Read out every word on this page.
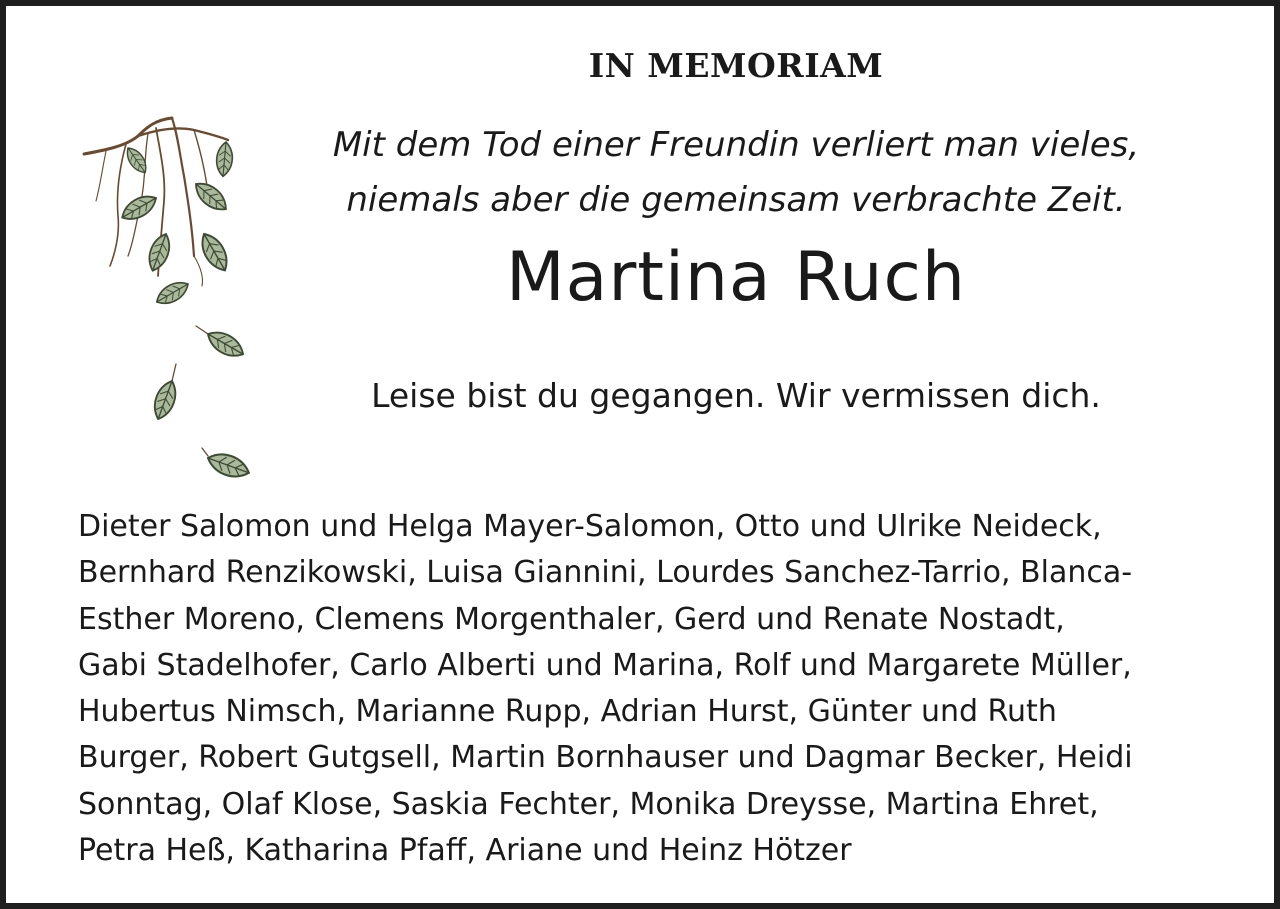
IN MEMORIAM
Mit dem Tod einer Freundin verliert man vieles,
niemals aber die gemeinsam verbrachte Zeit.
Martina Ruch
Leise bist du gegangen. Wir vermissen dich.
Dieter Salomon und Helga Mayer-Salomon, Otto und Ulrike Neideck,
Bernhard Renzikowski, Luisa Giannini, Lourdes Sanchez-Tarrio, Blanca-
Esther Moreno, Clemens Morgenthaler, Gerd und Renate Nostadt,
Gabi Stadelhofer, Carlo Alberti und Marina, Rolf und Margarete Müller,
Hubertus Nimsch, Marianne Rupp, Adrian Hurst, Günter und Ruth
Burger, Robert Gutgsell, Martin Bornhauser und Dagmar Becker, Heidi
Sonntag, Olaf Klose, Saskia Fechter, Monika Dreysse, Martina Ehret,
Petra Heß, Katharina Pfaff, Ariane und Heinz Hötzer
